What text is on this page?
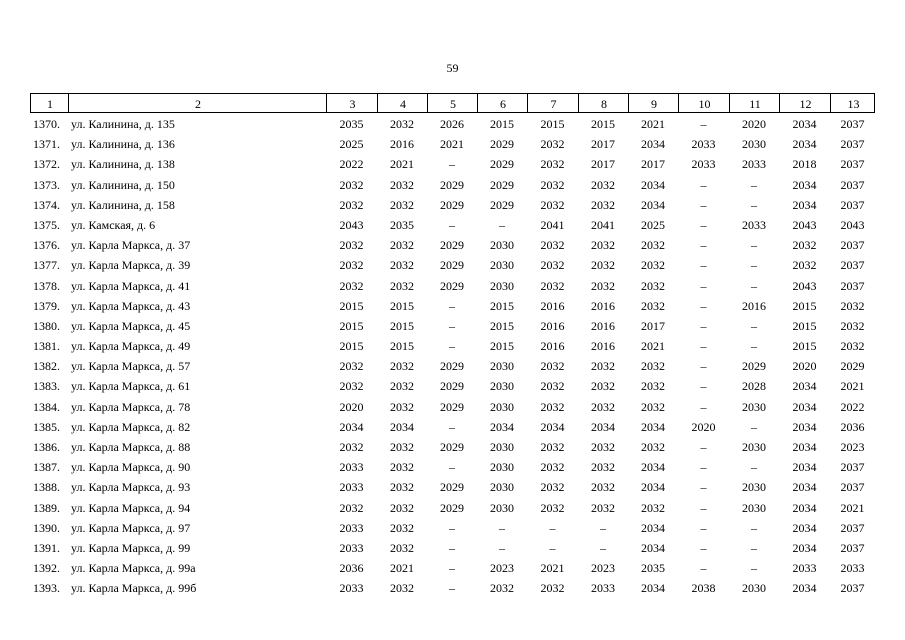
59
1	2	3	4	5	6	7	8	9	10	11	12	13
1370. ул. Калинина, д. 135	2035	2032	2026	2015	2015	2015	2021	–	2020	2034	2037
1371. ул. Калинина, д. 136	2025	2016	2021	2029	2032	2017	2034	2033	2030	2034	2037
1372. ул. Калинина, д. 138	2022	2021	–	2029	2032	2017	2017	2033	2033	2018	2037
1373. ул. Калинина, д. 150	2032	2032	2029	2029	2032	2032	2034	–	–	2034	2037
1374. ул. Калинина, д. 158	2032	2032	2029	2029	2032	2032	2034	–	–	2034	2037
1375. ул. Камская, д. 6	2043	2035	–	–	2041	2041	2025	–	2033	2043	2043
1376. ул. Карла Маркса, д. 37	2032	2032	2029	2030	2032	2032	2032	–	–	2032	2037
1377. ул. Карла Маркса, д. 39	2032	2032	2029	2030	2032	2032	2032	–	–	2032	2037
1378. ул. Карла Маркса, д. 41	2032	2032	2029	2030	2032	2032	2032	–	–	2043	2037
1379. ул. Карла Маркса, д. 43	2015	2015	–	2015	2016	2016	2032	–	2016	2015	2032
1380. ул. Карла Маркса, д. 45	2015	2015	–	2015	2016	2016	2017	–	–	2015	2032
1381. ул. Карла Маркса, д. 49	2015	2015	–	2015	2016	2016	2021	–	–	2015	2032
1382. ул. Карла Маркса, д. 57	2032	2032	2029	2030	2032	2032	2032	–	2029	2020	2029
1383. ул. Карла Маркса, д. 61	2032	2032	2029	2030	2032	2032	2032	–	2028	2034	2021
1384. ул. Карла Маркса, д. 78	2020	2032	2029	2030	2032	2032	2032	–	2030	2034	2022
1385. ул. Карла Маркса, д. 82	2034	2034	–	2034	2034	2034	2034	2020	–	2034	2036
1386. ул. Карла Маркса, д. 88	2032	2032	2029	2030	2032	2032	2032	–	2030	2034	2023
1387. ул. Карла Маркса, д. 90	2033	2032	–	2030	2032	2032	2034	–	–	2034	2037
1388. ул. Карла Маркса, д. 93	2033	2032	2029	2030	2032	2032	2034	–	2030	2034	2037
1389. ул. Карла Маркса, д. 94	2032	2032	2029	2030	2032	2032	2032	–	2030	2034	2021
1390. ул. Карла Маркса, д. 97	2033	2032	–	–	–	–	2034	–	–	2034	2037
1391. ул. Карла Маркса, д. 99	2033	2032	–	–	–	–	2034	–	–	2034	2037
1392. ул. Карла Маркса, д. 99а	2036	2021	–	2023	2021	2023	2035	–	–	2033	2033
1393. ул. Карла Маркса, д. 99б	2033	2032	–	2032	2032	2033	2034	2038	2030	2034	2037
